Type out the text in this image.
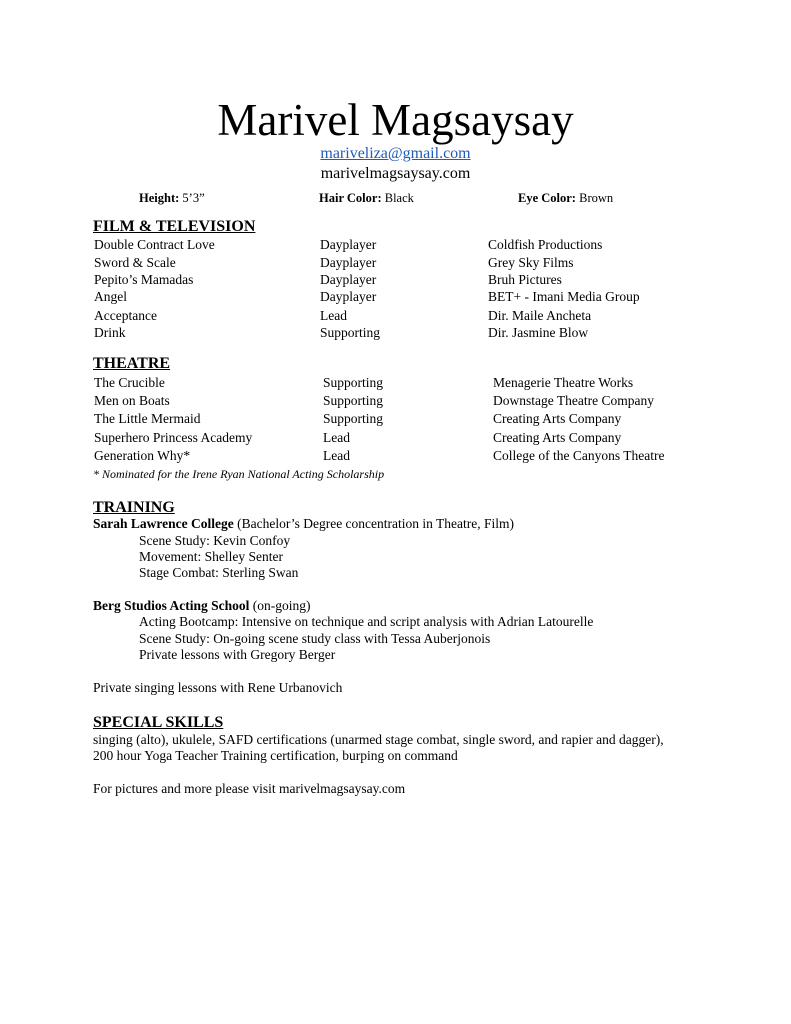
Marivel Magsaysay
mariveliza@gmail.com
marivelmagsaysay.com
Height: 5’3”	Hair Color: Black	Eye Color: Brown
FILM & TELEVISION
Double Contract Love	Dayplayer	Coldfish Productions
Sword & Scale	Dayplayer	Grey Sky Films
Pepito’s Mamadas	Dayplayer	Bruh Pictures
Angel	Dayplayer	BET+ - Imani Media Group
Acceptance	Lead	Dir. Maile Ancheta
Drink	Supporting	Dir. Jasmine Blow
THEATRE
The Crucible	Supporting	Menagerie Theatre Works
Men on Boats	Supporting	Downstage Theatre Company
The Little Mermaid	Supporting	Creating Arts Company
Superhero Princess Academy	Lead	Creating Arts Company
Generation Why*	Lead	College of the Canyons Theatre
* Nominated for the Irene Ryan National Acting Scholarship
TRAINING
Sarah Lawrence College (Bachelor’s Degree concentration in Theatre, Film)
Scene Study: Kevin Confoy
Movement: Shelley Senter
Stage Combat: Sterling Swan
Berg Studios Acting School (on-going)
Acting Bootcamp: Intensive on technique and script analysis with Adrian Latourelle
Scene Study: On-going scene study class with Tessa Auberjonois
Private lessons with Gregory Berger
Private singing lessons with Rene Urbanovich
SPECIAL SKILLS
singing (alto), ukulele, SAFD certifications (unarmed stage combat, single sword, and rapier and dagger),
200 hour Yoga Teacher Training certification, burping on command
For pictures and more please visit marivelmagsaysay.com
